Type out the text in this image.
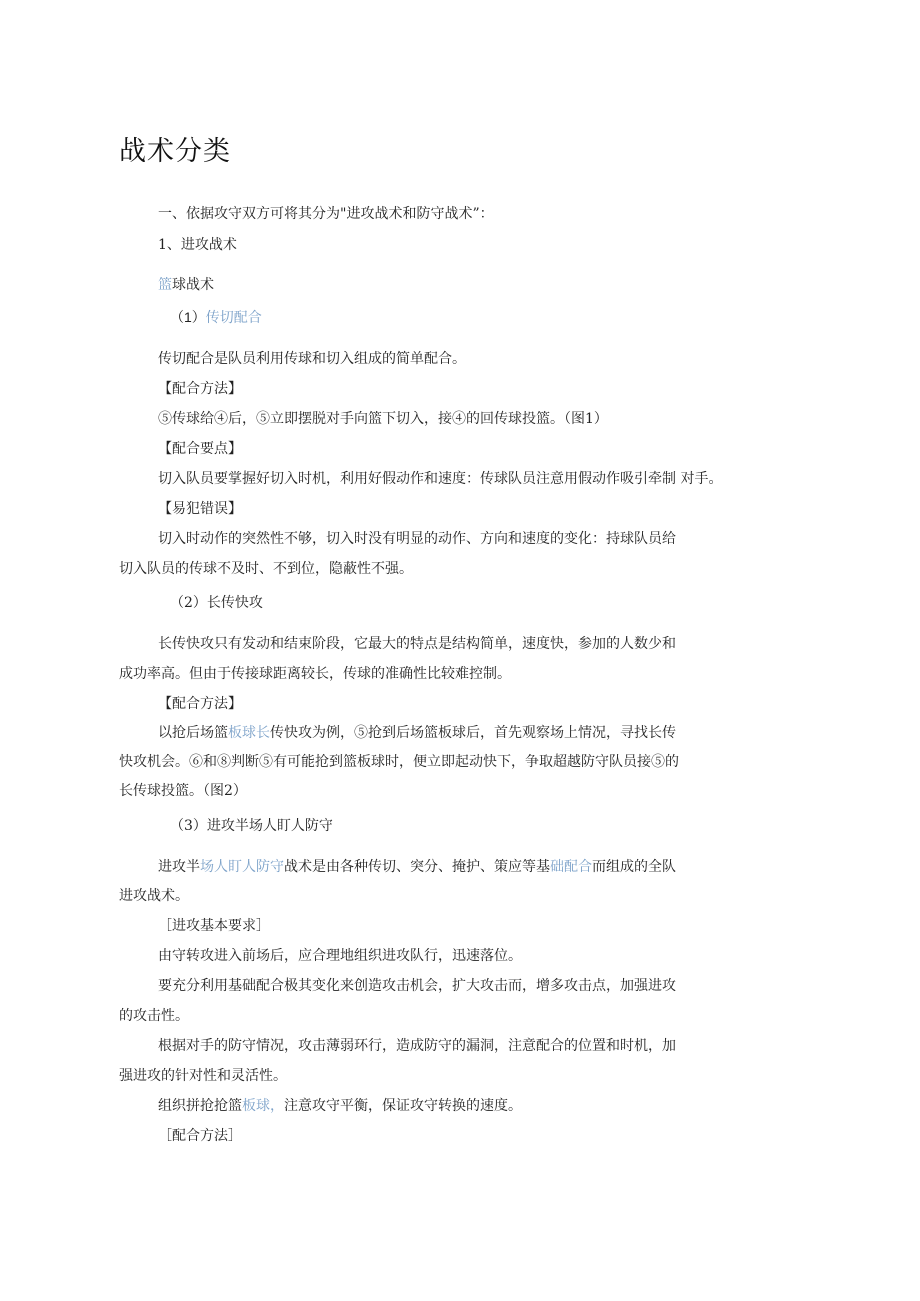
战术分类
一、依据攻守双方可将其分为"进攻战术和防守战术”：
1、进攻战术
篮球战术
（1）传切配合
传切配合是队员利用传球和切入组成的简单配合。
【配合方法】
⑤传球给④后，⑤立即摆脱对手向篮下切入，接④的回传球投篮。（图1）
【配合要点】
切入队员要掌握好切入时机，利用好假动作和速度：传球队员注意用假动作吸引牵制 对手。
【易犯错误】
切入时动作的突然性不够，切入时没有明显的动作、方向和速度的变化：持球队员给
切入队员的传球不及时、不到位，隐蔽性不强。
（2）长传快攻
长传快攻只有发动和结束阶段，它最大的特点是结构简单，速度快，参加的人数少和
成功率高。但由于传接球距离较长，传球的准确性比较难控制。
【配合方法】
以抢后场篮板球长传快攻为例，⑤抢到后场篮板球后，首先观察场上情况，寻找长传
快攻机会。⑥和⑧判断⑤有可能抢到篮板球时，便立即起动快下，争取超越防守队员接⑤的
长传球投篮。（图2）
（3）进攻半场人盯人防守
进攻半场人盯人防守战术是由各种传切、突分、掩护、策应等基础配合而组成的全队
进攻战术。
［进攻基本要求］
由守转攻进入前场后，应合理地组织进攻队行，迅速落位。
要充分利用基础配合极其变化来创造攻击机会，扩大攻击而，增多攻击点，加强进攻
的攻击性。
根据对手的防守情况，攻击薄弱环行，造成防守的漏洞，注意配合的位置和时机，加
强进攻的针对性和灵活性。
组织拼抢抢篮板球，注意攻守平衡，保证攻守转换的速度。
［配合方法］
